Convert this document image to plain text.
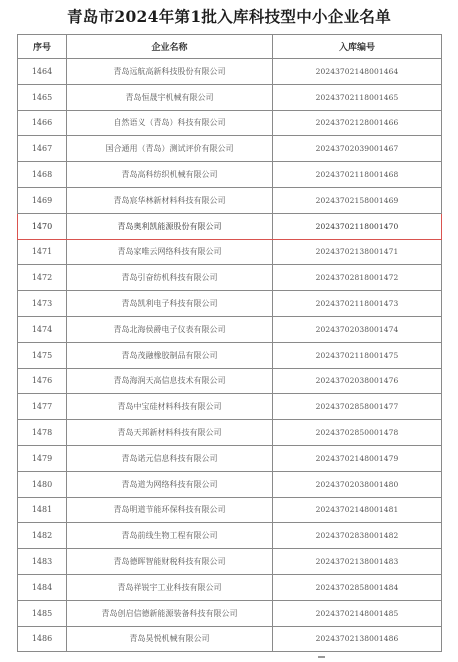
青岛市2024年第1批入库科技型中小企业名单
序号	企业名称	入库编号
1464	青岛远航高新科技股份有限公司	20243702148001464
1465	青岛恒晟宇机械有限公司	20243702118001465
1466	自然语义（青岛）科技有限公司	20243702128001466
1467	国合通用（青岛）测试评价有限公司	20243702039001467
1468	青岛高科纺织机械有限公司	20243702118001468
1469	青岛宸华林新材料科技有限公司	20243702158001469
1470	青岛奥利凯能源股份有限公司	20243702118001470
1471	青岛家唯云网络科技有限公司	20243702138001471
1472	青岛引奋纺机科技有限公司	20243702818001472
1473	青岛凯利电子科技有限公司	20243702118001473
1474	青岛北海侯爵电子仪表有限公司	20243702038001474
1475	青岛茂融橡胶制品有限公司	20243702118001475
1476	青岛海润天高信息技术有限公司	20243702038001476
1477	青岛中宝硅材料科技有限公司	20243702858001477
1478	青岛天邦新材料科技有限公司	20243702850001478
1479	青岛诺元信息科技有限公司	20243702148001479
1480	青岛道为网络科技有限公司	20243702038001480
1481	青岛明道节能环保科技有限公司	20243702148001481
1482	青岛前线生物工程有限公司	20243702838001482
1483	青岛德晖智能财税科技有限公司	20243702138001483
1484	青岛祥锐宇工业科技有限公司	20243702858001484
1485	青岛创启信德新能源装备科技有限公司	20243702148001485
1486	青岛昊悦机械有限公司	20243702138001486
